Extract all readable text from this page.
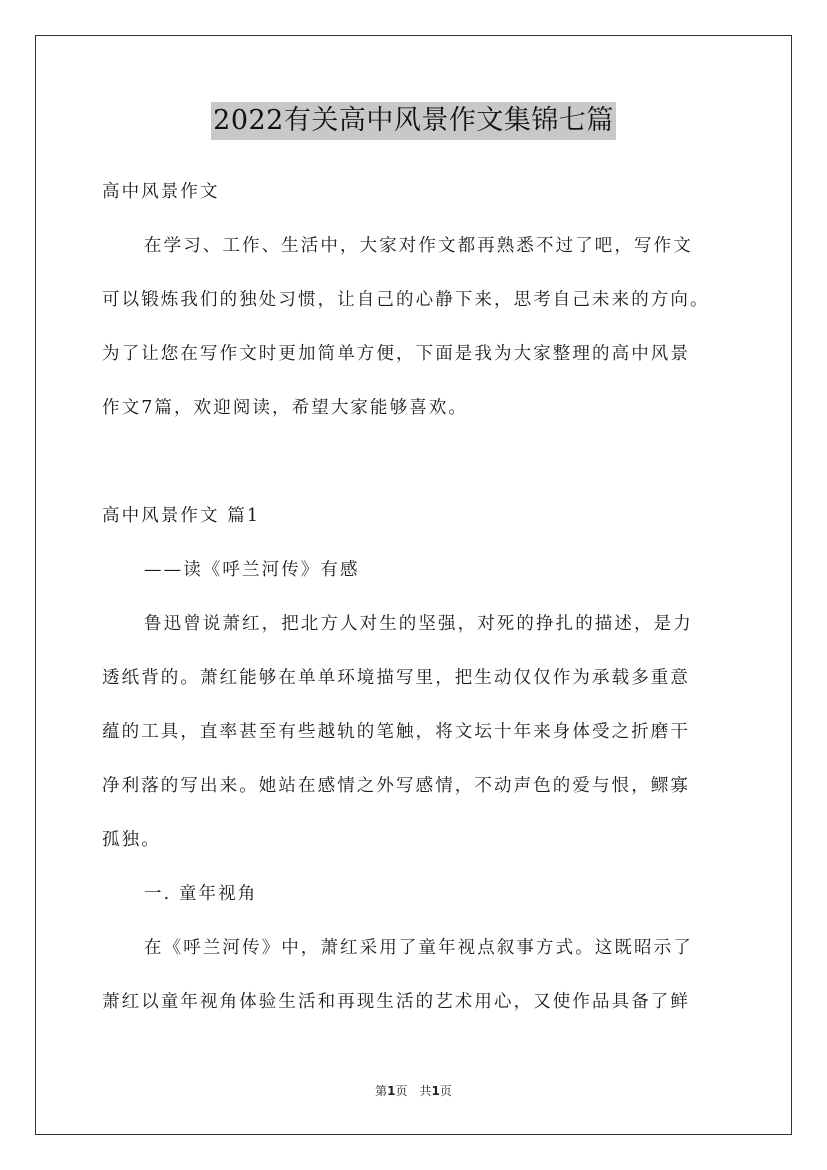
2022有关高中风景作文集锦七篇
高中风景作文
在学习、工作、生活中，大家对作文都再熟悉不过了吧，写作文
可以锻炼我们的独处习惯，让自己的心静下来，思考自己未来的方向。
为了让您在写作文时更加简单方便，下面是我为大家整理的高中风景
作文7篇，欢迎阅读，希望大家能够喜欢。
高中风景作文 篇1
——读《呼兰河传》有感
鲁迅曾说萧红，把北方人对生的坚强，对死的挣扎的描述，是力
透纸背的。萧红能够在单单环境描写里，把生动仅仅作为承载多重意
蕴的工具，直率甚至有些越轨的笔触，将文坛十年来身体受之折磨干
净利落的写出来。她站在感情之外写感情，不动声色的爱与恨，鳏寡
孤独。
一. 童年视角
在《呼兰河传》中，萧红采用了童年视点叙事方式。这既昭示了
萧红以童年视角体验生活和再现生活的艺术用心，又使作品具备了鲜
第1页　共1页
